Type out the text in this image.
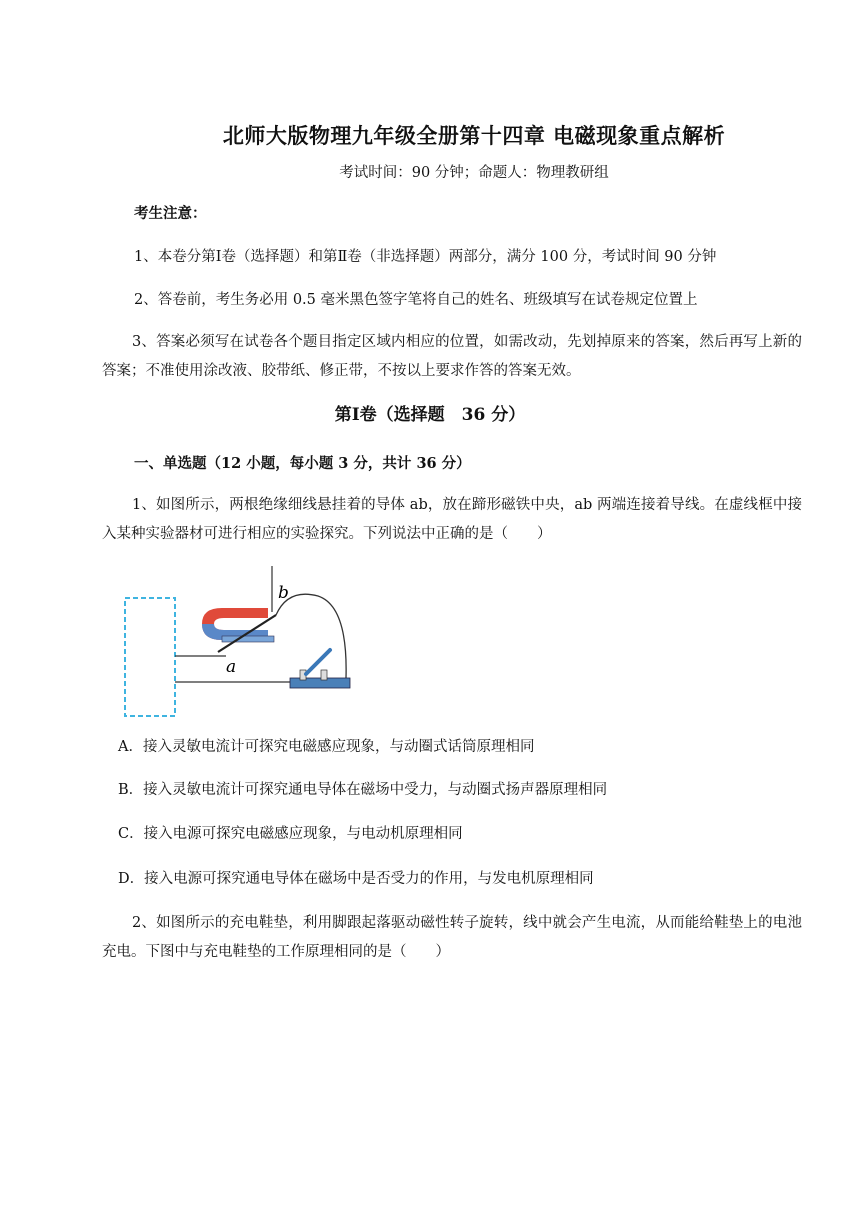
北师大版物理九年级全册第十四章 电磁现象重点解析
考试时间：90 分钟；命题人：物理教研组
考生注意：
1、本卷分第Ⅰ卷（选择题）和第Ⅱ卷（非选择题）两部分，满分 100 分，考试时间 90 分钟
2、答卷前，考生务必用 0.5 毫米黑色签字笔将自己的姓名、班级填写在试卷规定位置上
3、答案必须写在试卷各个题目指定区域内相应的位置，如需改动，先划掉原来的答案，然后再写上新的答案；不准使用涂改液、胶带纸、修正带，不按以上要求作答的答案无效。
第Ⅰ卷（选择题　36 分）
一、单选题（12 小题，每小题 3 分，共计 36 分）
1、如图所示，两根绝缘细线悬挂着的导体 ab，放在蹄形磁铁中央，ab 两端连接着导线。在虚线框中接入某种实验器材可进行相应的实验探究。下列说法中正确的是（　　）
b
a
A．接入灵敏电流计可探究电磁感应现象，与动圈式话筒原理相同
B．接入灵敏电流计可探究通电导体在磁场中受力，与动圈式扬声器原理相同
C．接入电源可探究电磁感应现象，与电动机原理相同
D．接入电源可探究通电导体在磁场中是否受力的作用，与发电机原理相同
2、如图所示的充电鞋垫，利用脚跟起落驱动磁性转子旋转，线中就会产生电流，从而能给鞋垫上的电池充电。下图中与充电鞋垫的工作原理相同的是（　　）
